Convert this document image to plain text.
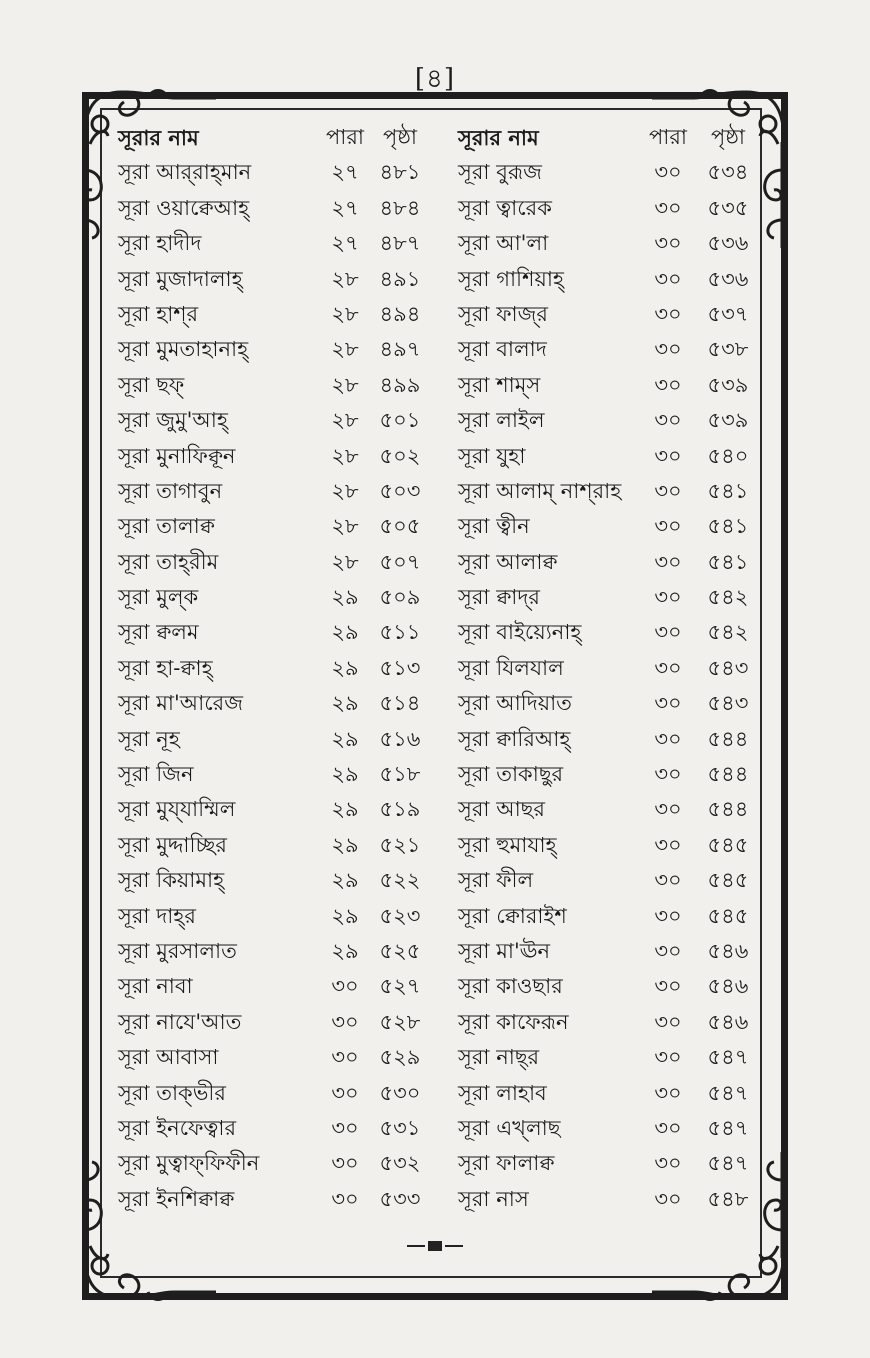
[৪]
সূরার নাম	পারা পৃষ্ঠা	সূরার নাম	পারা	পৃষ্ঠা
সূরা আর্‌রাহ্‌মান	২৭ ৪৮১	সূরা বুরূজ	৩০	৫৩৪
সূরা ওয়াক্বেআহ্‌	২৭ ৪৮৪	সূরা ত্বারেক	৩০	৫৩৫
সূরা হাদীদ	২৭ ৪৮৭	সূরা আ'লা	৩০	৫৩৬
সূরা মুজাদালাহ্‌	২৮ ৪৯১	সূরা গাশিয়াহ্‌	৩০	৫৩৬
সূরা হাশ্‌র	২৮ ৪৯৪	সূরা ফাজ্‌র	৩০	৫৩৭
সূরা মুমতাহানাহ্‌	২৮ ৪৯৭	সূরা বালাদ	৩০	৫৩৮
সূরা ছফ্‌	২৮ ৪৯৯	সূরা শাম্‌স	৩০	৫৩৯
সূরা জুমু'আহ্‌	২৮ ৫০১	সূরা লাইল	৩০	৫৩৯
সূরা মুনাফিক্বূন	২৮ ৫০২	সূরা যুহা	৩০	৫৪০
সূরা তাগাবুন	২৮ ৫০৩	সূরা আলাম্‌ নাশ্‌রাহ	৩০	৫৪১
সূরা তালাক্ব	২৮ ৫০৫	সূরা ত্বীন	৩০	৫৪১
সূরা তাহ্‌রীম	২৮ ৫০৭	সূরা আলাক্ব	৩০	৫৪১
সূরা মুল্‌ক	২৯ ৫০৯	সূরা ক্বাদ্‌র	৩০	৫৪২
সূরা ক্বলম	২৯ ৫১১	সূরা বাইয়্যেনাহ্‌	৩০	৫৪২
সূরা হা-ক্বাহ্‌	২৯ ৫১৩	সূরা যিলযাল	৩০	৫৪৩
সূরা মা'আরেজ	২৯ ৫১৪	সূরা আদিয়াত	৩০	৫৪৩
সূরা নূহ	২৯ ৫১৬	সূরা ক্বারিআহ্‌	৩০	৫৪৪
সূরা জিন	২৯ ৫১৮	সূরা তাকাছুর	৩০	৫৪৪
সূরা মুয্‌যাম্মিল	২৯ ৫১৯	সূরা আছর	৩০	৫৪৪
সূরা মুদ্দাচ্ছির	২৯ ৫২১	সূরা হুমাযাহ্‌	৩০	৫৪৫
সূরা কিয়ামাহ্‌	২৯ ৫২২	সূরা ফীল	৩০	৫৪৫
সূরা দাহ্‌র	২৯ ৫২৩	সূরা ক্বোরাইশ	৩০	৫৪৫
সূরা মুরসালাত	২৯ ৫২৫	সূরা মা'ঊন	৩০	৫৪৬
সূরা নাবা	৩০ ৫২৭	সূরা কাওছার	৩০	৫৪৬
সূরা নাযে'আত	৩০ ৫২৮	সূরা কাফেরূন	৩০	৫৪৬
সূরা আবাসা	৩০ ৫২৯	সূরা নাছ্‌র	৩০	৫৪৭
সূরা তাক্‌ভীর	৩০ ৫৩০	সূরা লাহাব	৩০	৫৪৭
সূরা ইনফেত্বার	৩০ ৫৩১	সূরা এখ্‌লাছ	৩০	৫৪৭
সূরা মুত্বাফ্‌ফিফীন	৩০ ৫৩২	সূরা ফালাক্ব	৩০	৫৪৭
সূরা ইনশিক্বাক্ব	৩০ ৫৩৩	সূরা নাস	৩০	৫৪৮
